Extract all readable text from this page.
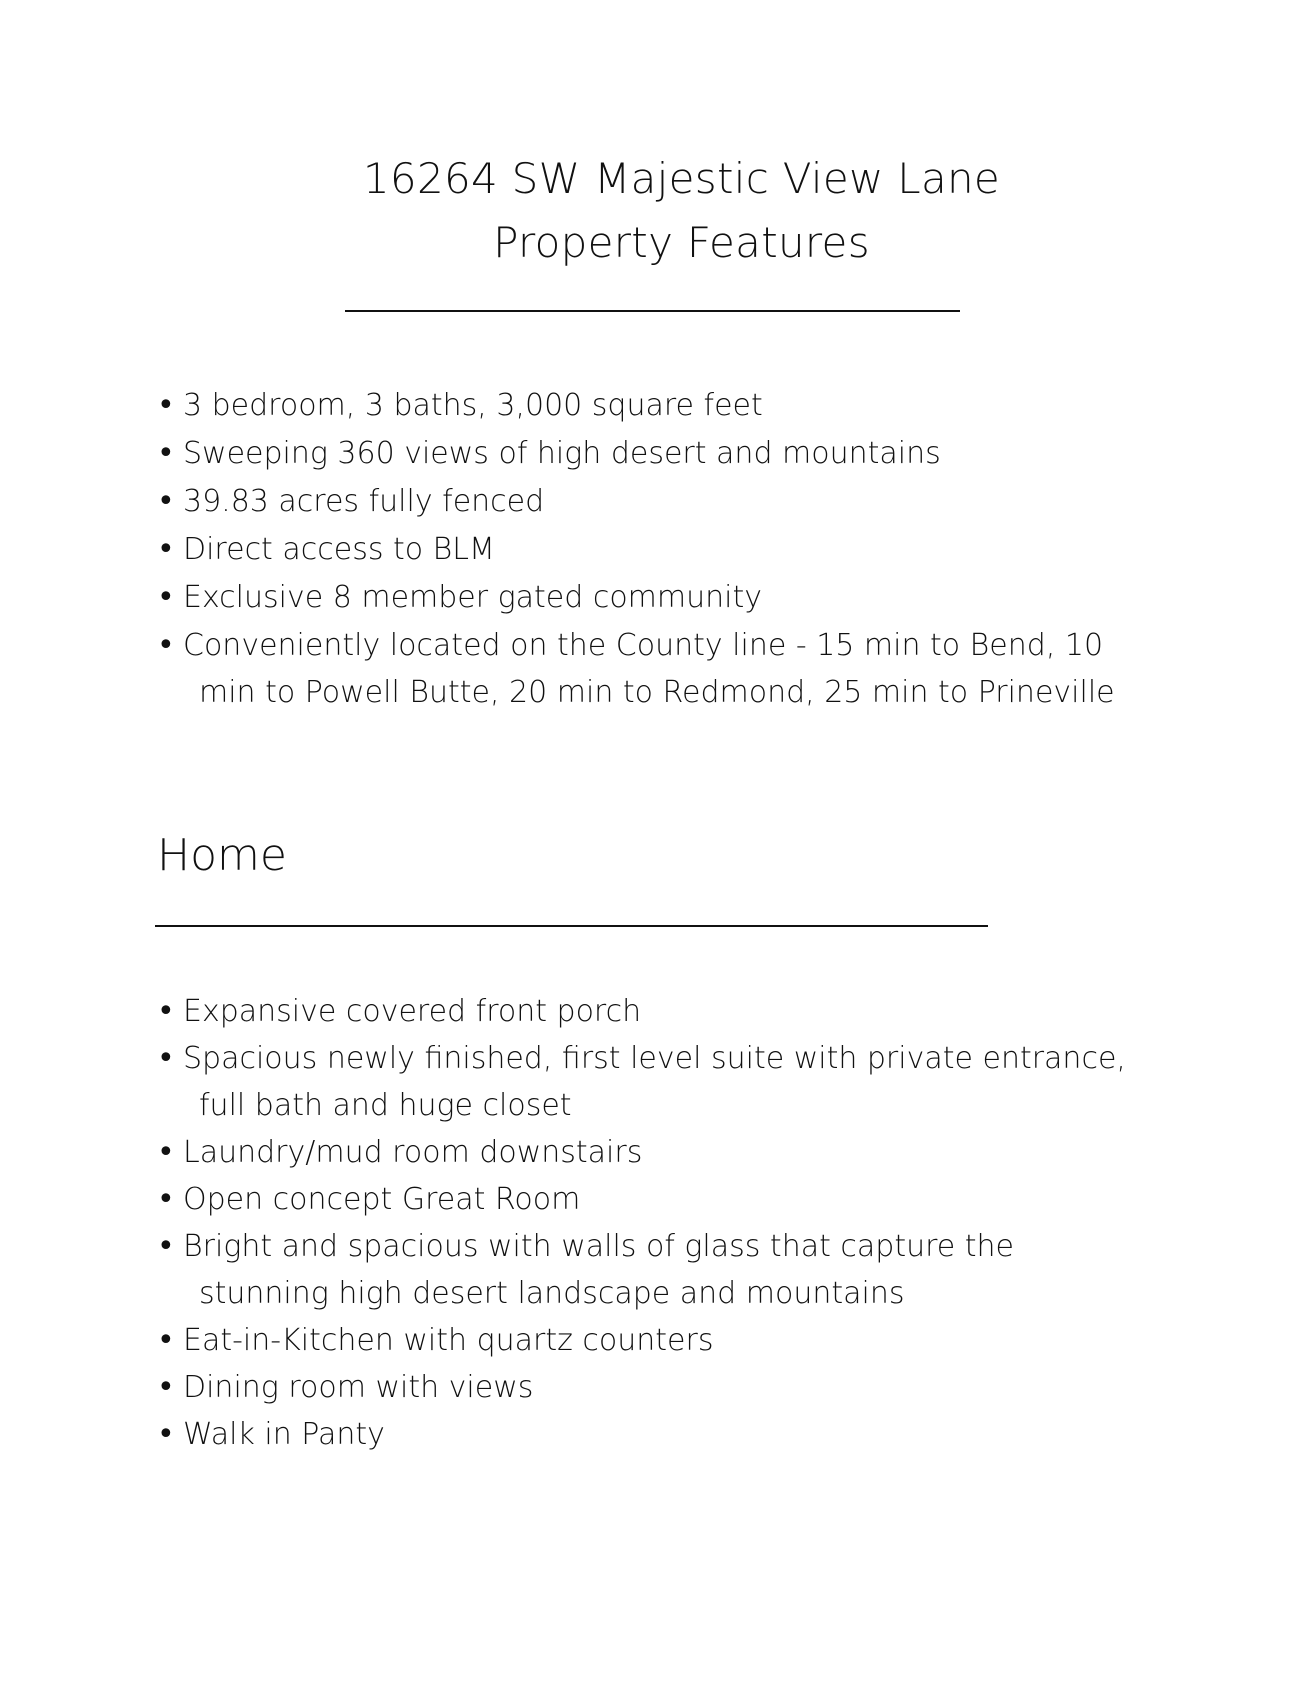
16264 SW Majestic View Lane
Property Features
• 3 bedroom, 3 baths, 3,000 square feet
• Sweeping 360 views of high desert and mountains
• 39.83 acres fully fenced
• Direct access to BLM
• Exclusive 8 member gated community
• Conveniently located on the County line - 15 min to Bend, 10
min to Powell Butte, 20 min to Redmond, 25 min to Prineville
Home
• Expansive covered front porch
• Spacious newly finished, first level suite with private entrance,
full bath and huge closet
• Laundry/mud room downstairs
• Open concept Great Room
• Bright and spacious with walls of glass that capture the
stunning high desert landscape and mountains
• Eat-in-Kitchen with quartz counters
• Dining room with views
• Walk in Panty
